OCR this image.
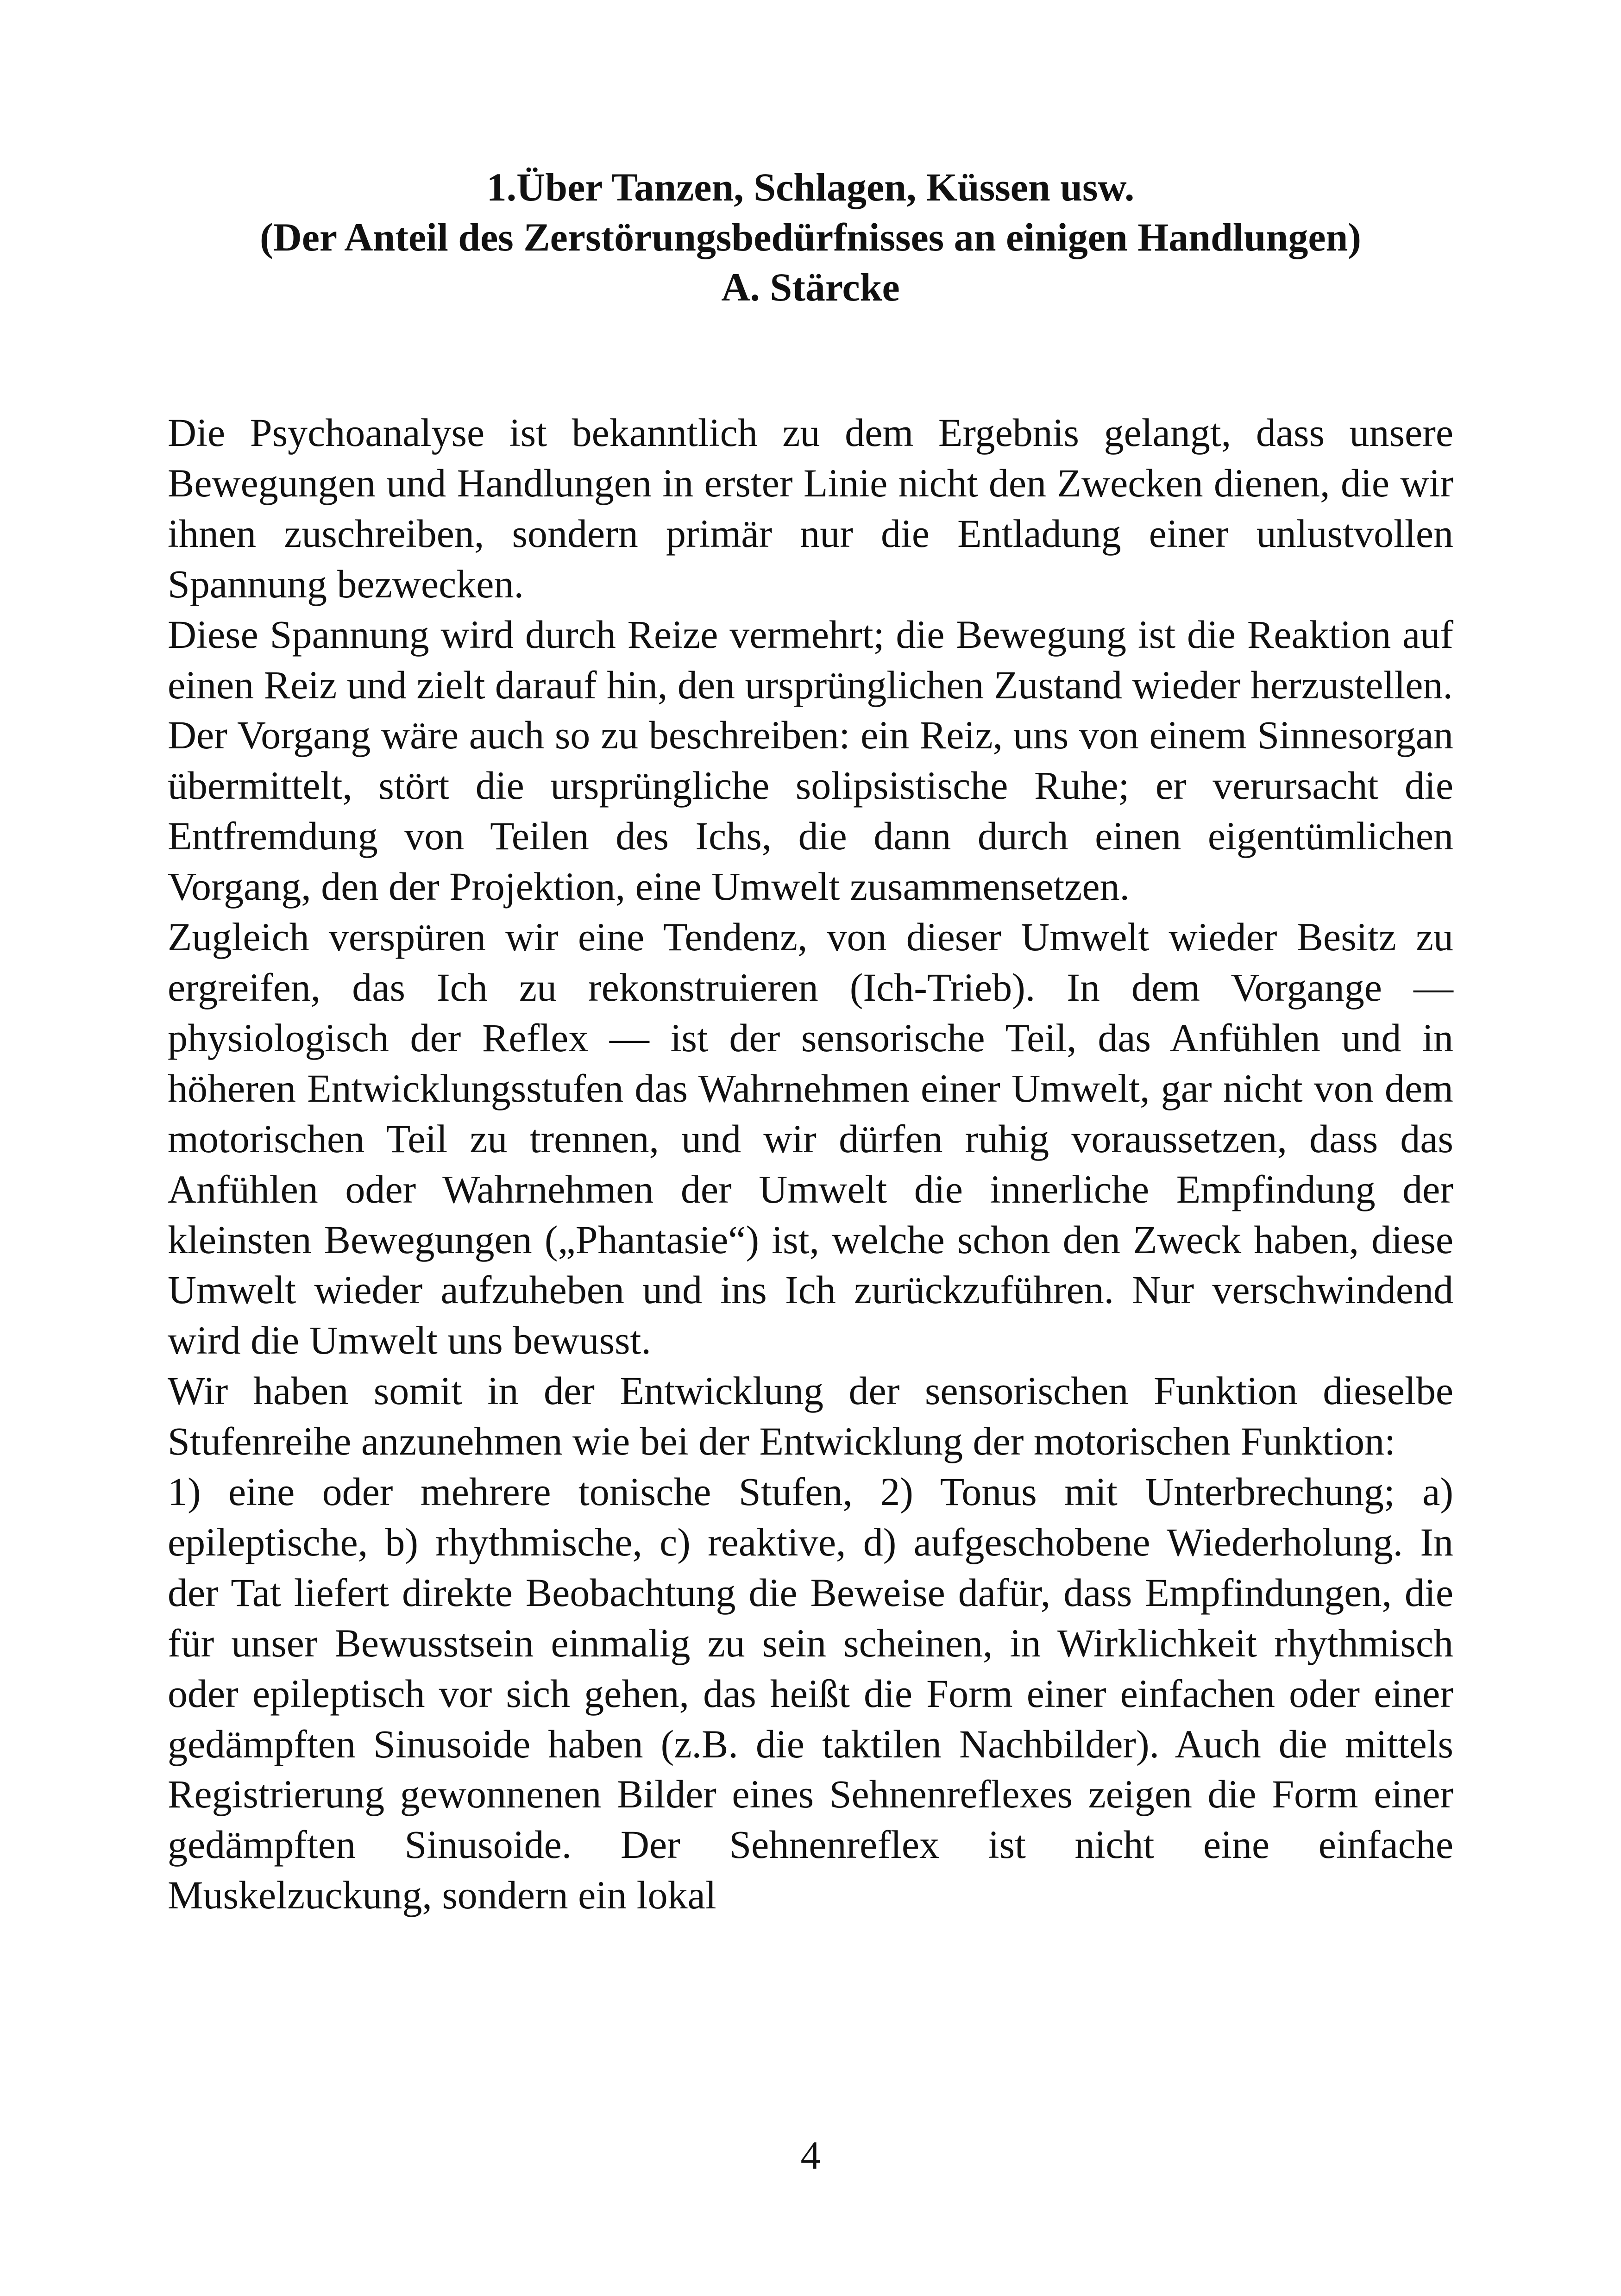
1.Über Tanzen, Schlagen, Küssen usw.
(Der Anteil des Zerstörungsbedürfnisses an einigen Handlungen)
A. Stärcke

Die Psychoanalyse ist bekanntlich zu dem Ergebnis gelangt, dass unsere Bewegungen und Handlungen in erster Linie nicht den Zwecken dienen, die wir ihnen zuschreiben, sondern primär nur die Entladung einer unlustvollen Spannung bezwecken.

Diese Spannung wird durch Reize vermehrt; die Bewegung ist die Reaktion auf einen Reiz und zielt darauf hin, den ursprünglichen Zustand wieder herzustellen.

Der Vorgang wäre auch so zu beschreiben: ein Reiz, uns von einem Sinnesorgan übermittelt, stört die ursprüngliche solipsistische Ruhe; er verursacht die Entfremdung von Teilen des Ichs, die dann durch einen eigentümlichen Vorgang, den der Projektion, eine Umwelt zusammensetzen.

Zugleich verspüren wir eine Tendenz, von dieser Umwelt wieder Besitz zu ergreifen, das Ich zu rekonstruieren (Ich-Trieb). In dem Vorgange — physiologisch der Reflex — ist der sensorische Teil, das Anfühlen und in höheren Entwicklungsstufen das Wahrnehmen einer Umwelt, gar nicht von dem motorischen Teil zu trennen, und wir dürfen ruhig voraussetzen, dass das Anfühlen oder Wahrnehmen der Umwelt die innerliche Empfindung der kleinsten Bewegungen („Phantasie“) ist, welche schon den Zweck haben, diese Umwelt wieder aufzuheben und ins Ich zurückzuführen. Nur verschwindend wird die Umwelt uns bewusst.

Wir haben somit in der Entwicklung der sensorischen Funktion dieselbe Stufenreihe anzunehmen wie bei der Entwicklung der motorischen Funktion:

1) eine oder mehrere tonische Stufen, 2) Tonus mit Unterbrechung; a) epileptische, b) rhythmische, c) reaktive, d) aufgeschobene Wiederholung. In der Tat liefert direkte Beobachtung die Beweise dafür, dass Empfindungen, die für unser Bewusstsein einmalig zu sein scheinen, in Wirklichkeit rhythmisch oder epileptisch vor sich gehen, das heißt die Form einer einfachen oder einer gedämpften Sinusoide haben (z.B. die taktilen Nachbilder). Auch die mittels Registrierung gewonnenen Bilder eines Sehnenreflexes zeigen die Form einer gedämpften Sinusoide. Der Sehnenreflex ist nicht eine einfache Muskelzuckung, sondern ein lokal

4
